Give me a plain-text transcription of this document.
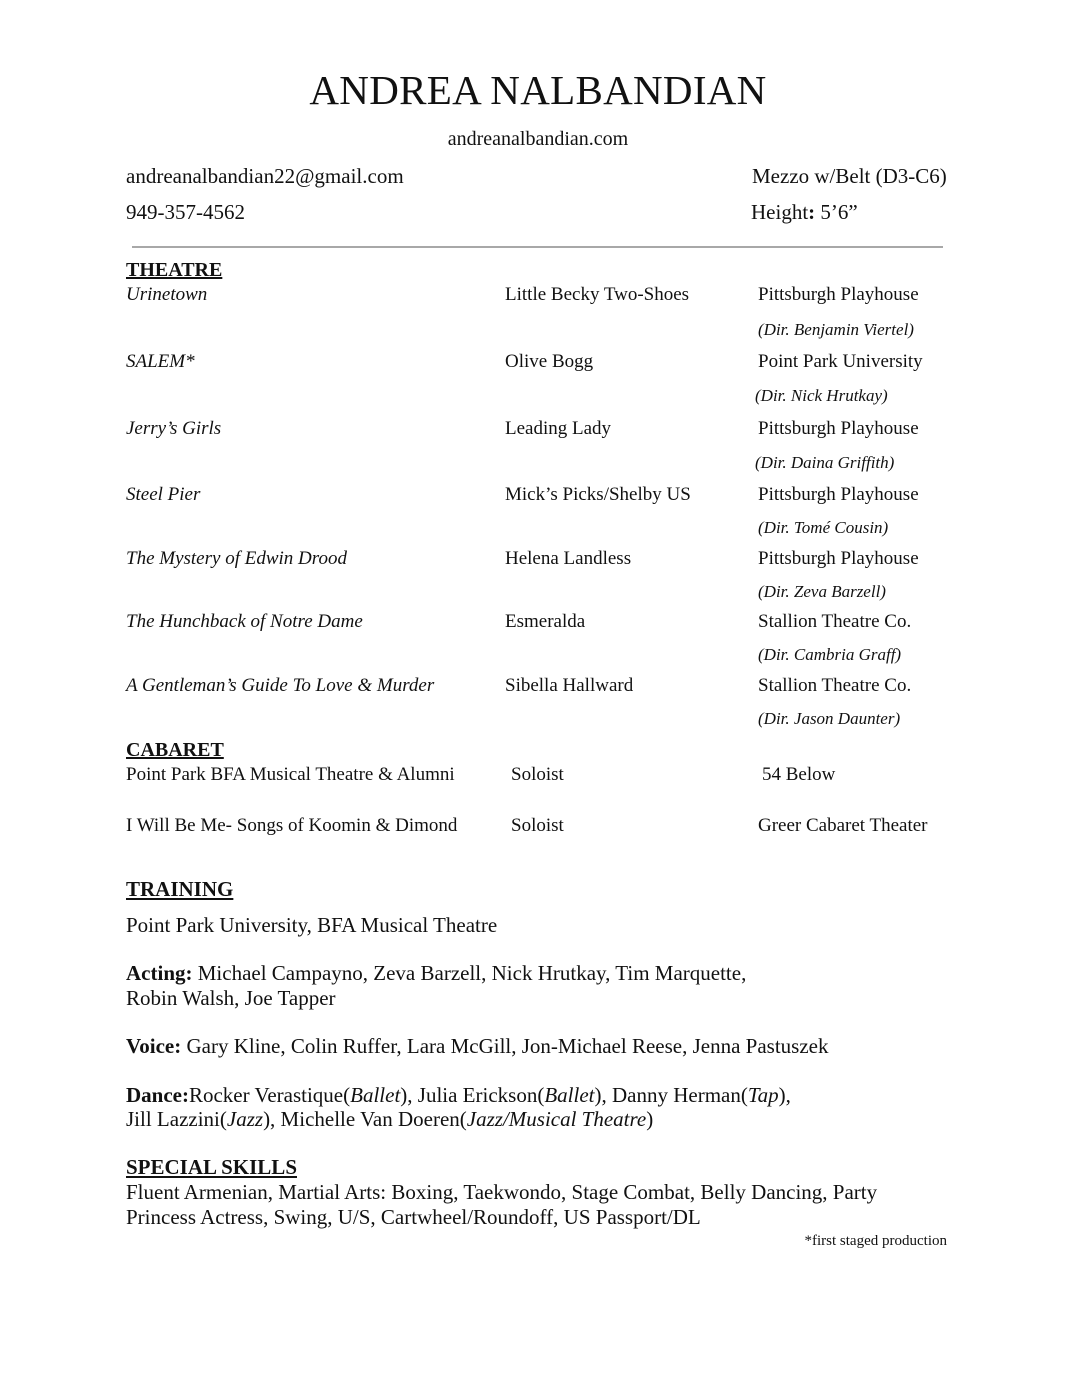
ANDREA NALBANDIAN
andreanalbandian.com
andreanalbandian22@gmail.com
949-357-4562
Mezzo w/Belt (D3-C6)
Height: 5’6”
THEATRE
Urinetown	Little Becky Two-Shoes	Pittsburgh Playhouse
(Dir. Benjamin Viertel)
SALEM*	Olive Bogg	Point Park University
(Dir. Nick Hrutkay)
Jerry’s Girls	Leading Lady	Pittsburgh Playhouse
(Dir. Daina Griffith)
Steel Pier	Mick’s Picks/Shelby US	Pittsburgh Playhouse
(Dir. Tomé Cousin)
The Mystery of Edwin Drood	Helena Landless	Pittsburgh Playhouse
(Dir. Zeva Barzell)
The Hunchback of Notre Dame	Esmeralda	Stallion Theatre Co.
(Dir. Cambria Graff)
A Gentleman’s Guide To Love & Murder	Sibella Hallward	Stallion Theatre Co.
(Dir. Jason Daunter)
CABARET
Point Park BFA Musical Theatre & Alumni	Soloist	54 Below
I Will Be Me- Songs of Koomin & Dimond	Soloist	Greer Cabaret Theater
TRAINING
Point Park University, BFA Musical Theatre
Acting: Michael Campayno, Zeva Barzell, Nick Hrutkay, Tim Marquette,
Robin Walsh, Joe Tapper
Voice: Gary Kline, Colin Ruffer, Lara McGill, Jon-Michael Reese, Jenna Pastuszek
Dance:Rocker Verastique(Ballet), Julia Erickson(Ballet), Danny Herman(Tap),
Jill Lazzini(Jazz), Michelle Van Doeren(Jazz/Musical Theatre)
SPECIAL SKILLS
Fluent Armenian, Martial Arts: Boxing, Taekwondo, Stage Combat, Belly Dancing, Party
Princess Actress, Swing, U/S, Cartwheel/Roundoff, US Passport/DL
*first staged production
